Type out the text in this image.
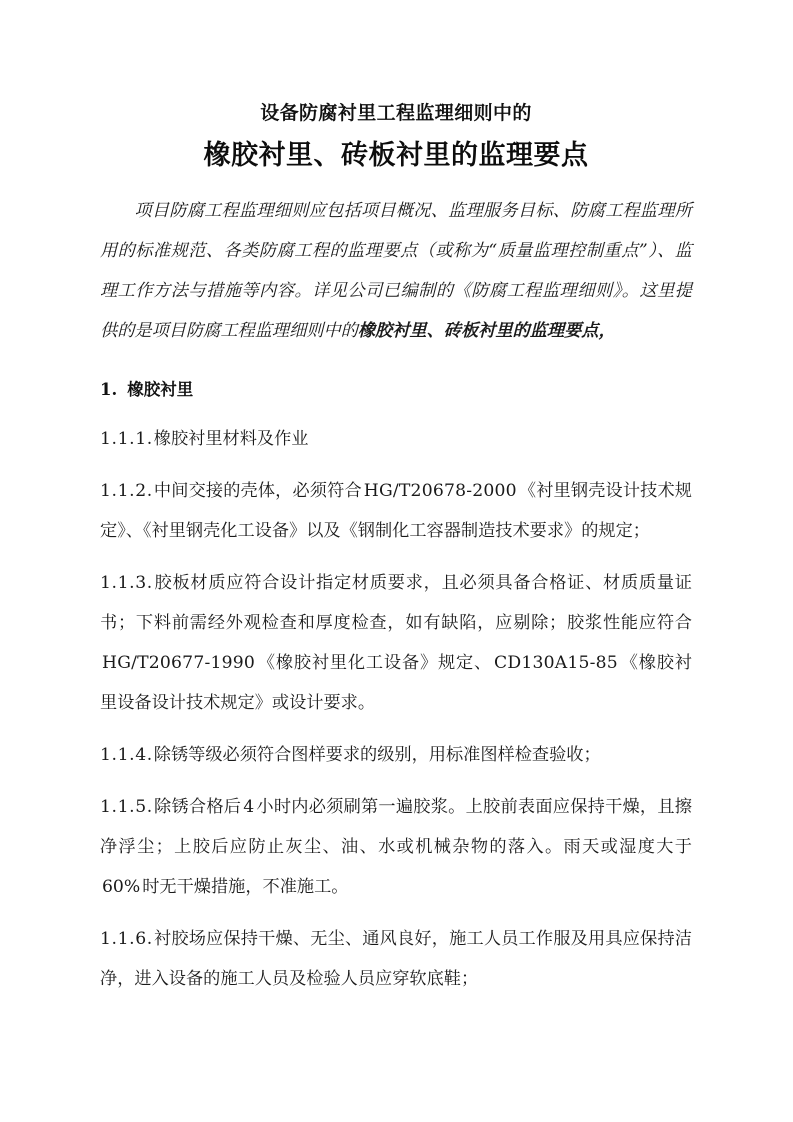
设备防腐衬里工程监理细则中的
橡胶衬里、砖板衬里的监理要点

项目防腐工程监理细则应包括项目概况、监理服务目标、防腐工程监理所用的标准规范、各类防腐工程的监理要点（或称为“质量监理控制重点”）、监理工作方法与措施等内容。详见公司已编制的《防腐工程监理细则》。这里提供的是项目防腐工程监理细则中的橡胶衬里、砖板衬里的监理要点，

1. 橡胶衬里

1.1.1.橡胶衬里材料及作业

1.1.2.中间交接的壳体，必须符合 HG/T20678-2000 《衬里钢壳设计技术规定》、《衬里钢壳化工设备》以及《钢制化工容器制造技术要求》的规定；

1.1.3.胶板材质应符合设计指定材质要求，且必须具备合格证、材质质量证书；下料前需经外观检查和厚度检查，如有缺陷，应剔除；胶浆性能应符合HG/T20677-1990 《橡胶衬里化工设备》规定、 CD130A15-85 《橡胶衬里设备设计技术规定》或设计要求。

1.1.4.除锈等级必须符合图样要求的级别，用标准图样检查验收；

1.1.5.除锈合格后 4 小时内必须刷第一遍胶浆。上胶前表面应保持干燥，且擦净浮尘；上胶后应防止灰尘、油、水或机械杂物的落入。雨天或湿度大于60% 时无干燥措施，不准施工。

1.1.6.衬胶场应保持干燥、无尘、通风良好，施工人员工作服及用具应保持洁净，进入设备的施工人员及检验人员应穿软底鞋；
